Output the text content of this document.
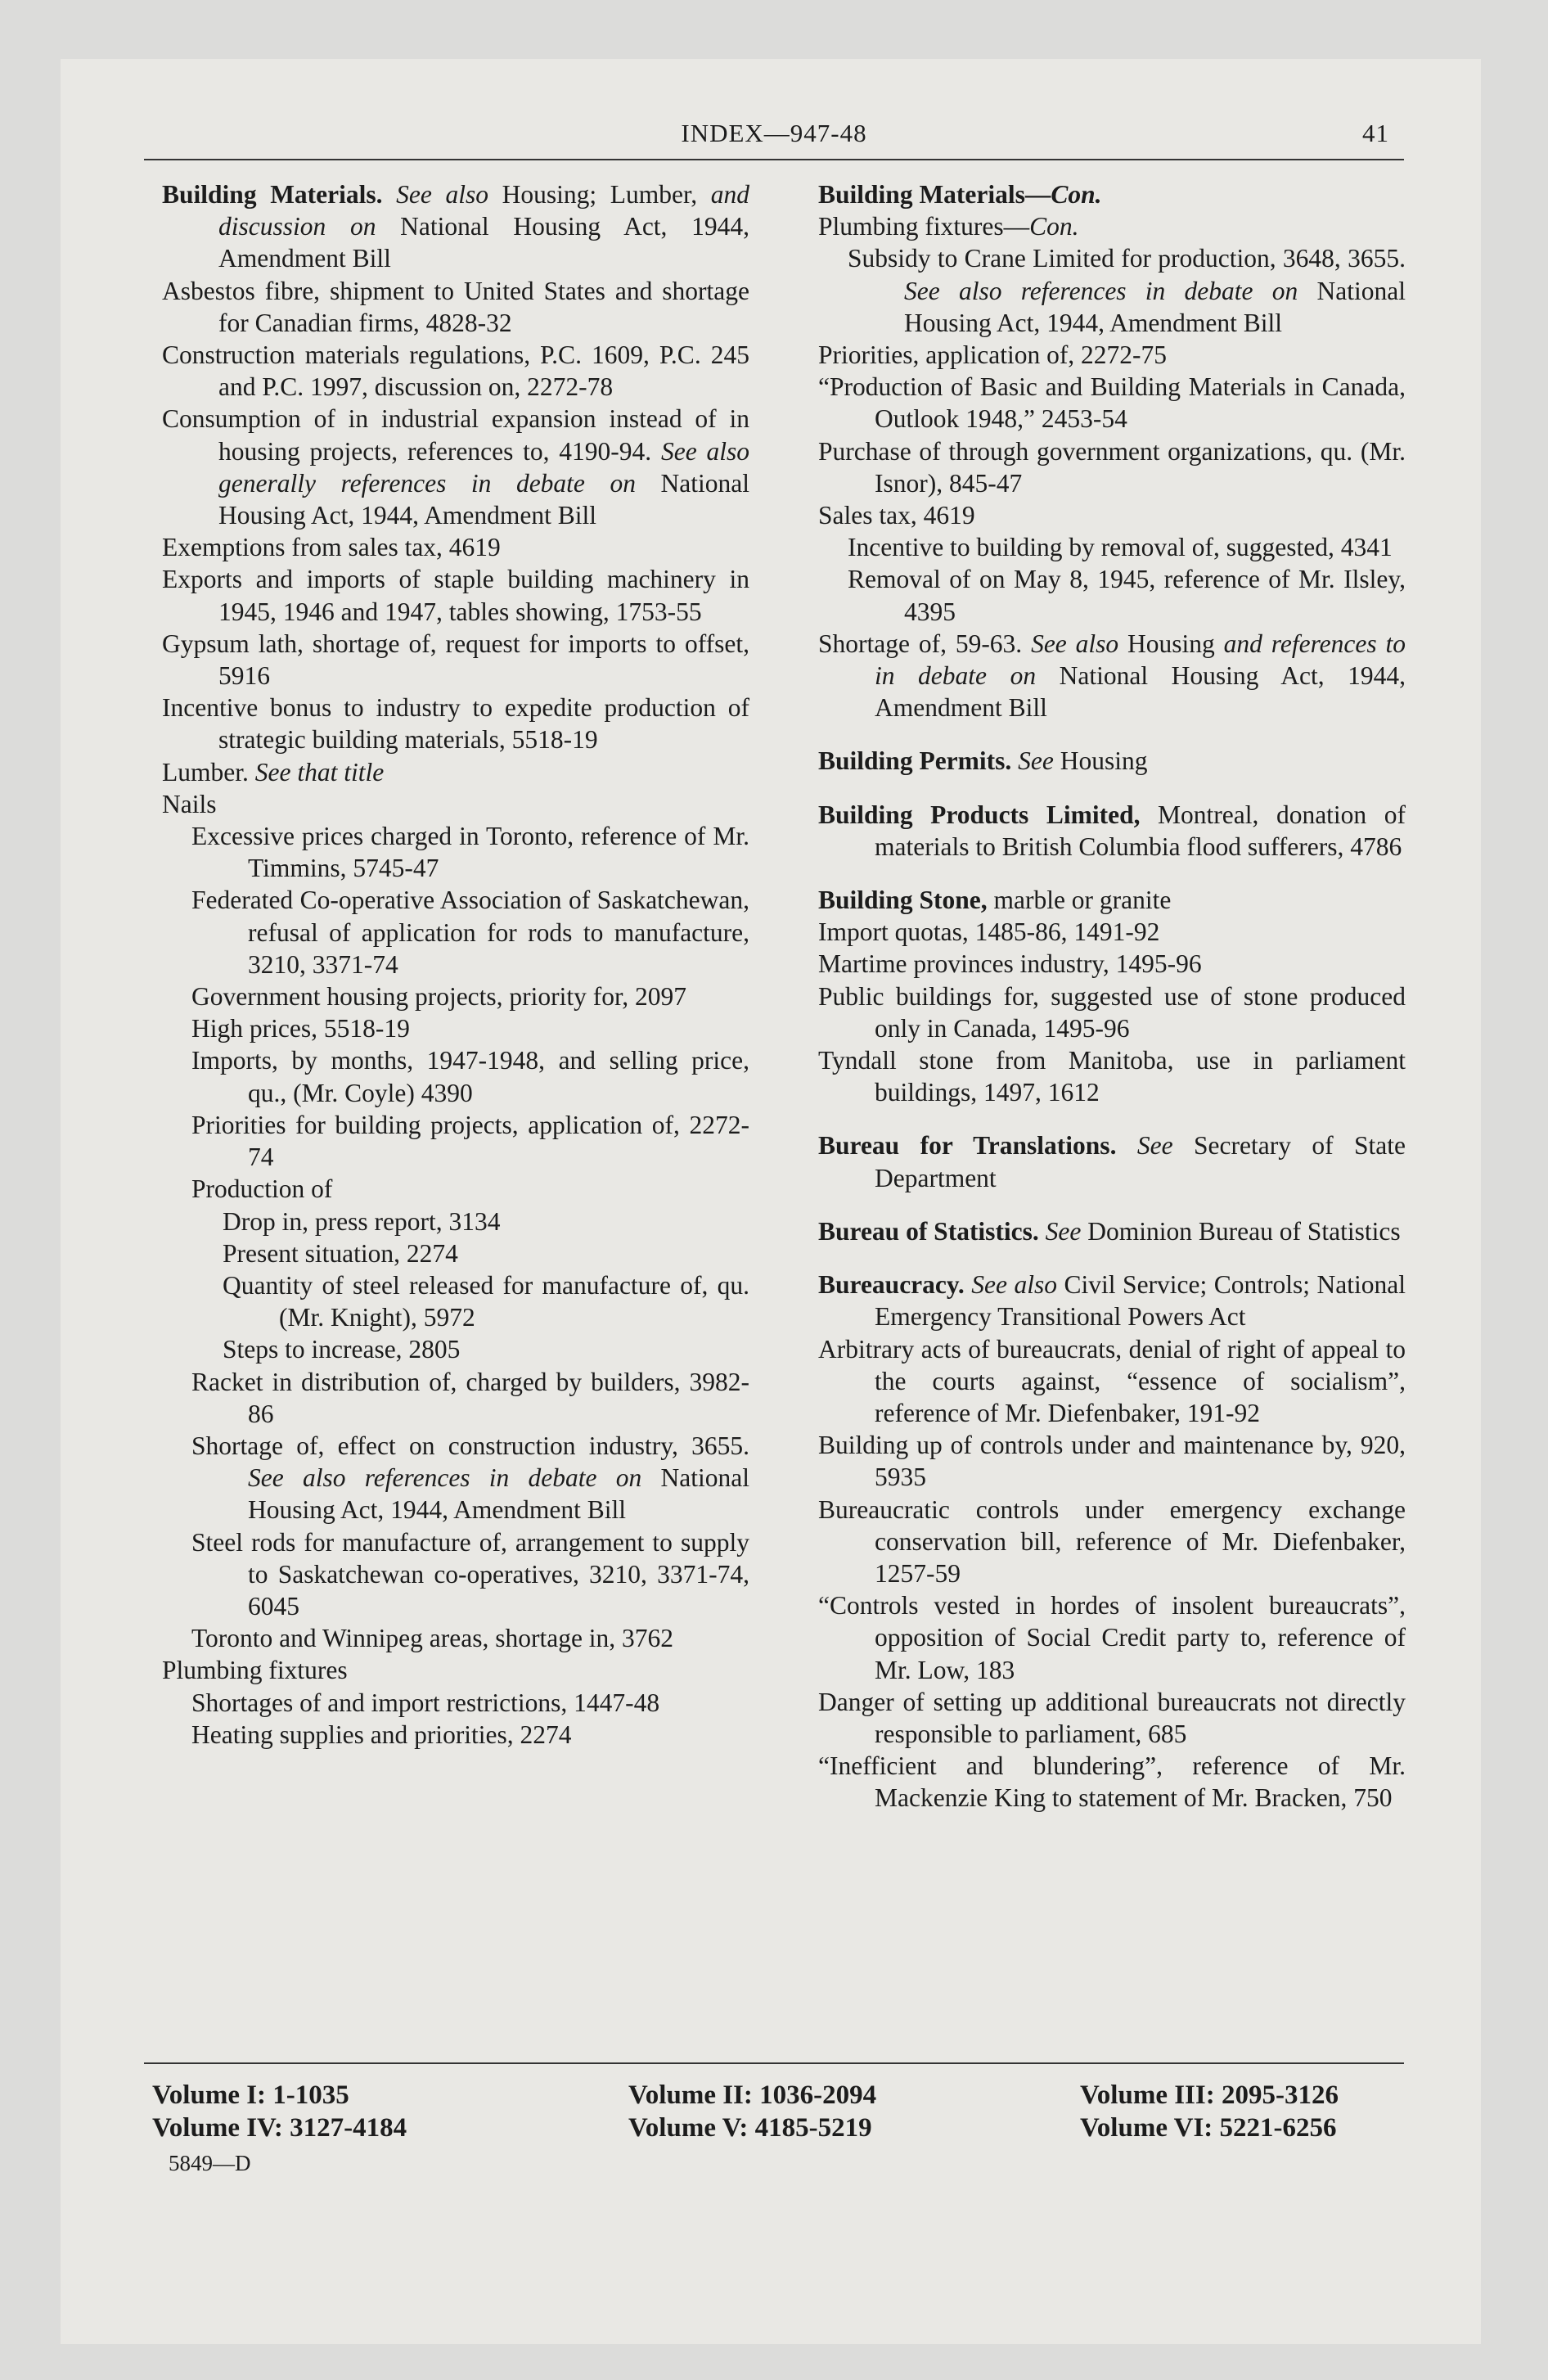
INDEX—947-48	41
Building Materials. See also Housing; Lumber, and discussion on National Housing Act, 1944, Amendment Bill
Asbestos fibre, shipment to United States and shortage for Canadian firms, 4828-32
Construction materials regulations, P.C. 1609, P.C. 245 and P.C. 1997, discussion on, 2272-78
Consumption of in industrial expansion instead of in housing projects, references to, 4190-94. See also generally references in debate on National Housing Act, 1944, Amendment Bill
Exemptions from sales tax, 4619
Exports and imports of staple building machinery in 1945, 1946 and 1947, tables showing, 1753-55
Gypsum lath, shortage of, request for imports to offset, 5916
Incentive bonus to industry to expedite production of strategic building materials, 5518-19
Lumber. See that title
Nails
Excessive prices charged in Toronto, reference of Mr. Timmins, 5745-47
Federated Co-operative Association of Saskatchewan, refusal of application for rods to manufacture, 3210, 3371-74
Government housing projects, priority for, 2097
High prices, 5518-19
Imports, by months, 1947-1948, and selling price, qu., (Mr. Coyle) 4390
Priorities for building projects, application of, 2272-74
Production of
Drop in, press report, 3134
Present situation, 2274
Quantity of steel released for manufacture of, qu. (Mr. Knight), 5972
Steps to increase, 2805
Racket in distribution of, charged by builders, 3982-86
Shortage of, effect on construction industry, 3655. See also references in debate on National Housing Act, 1944, Amendment Bill
Steel rods for manufacture of, arrangement to supply to Saskatchewan co-operatives, 3210, 3371-74, 6045
Toronto and Winnipeg areas, shortage in, 3762
Plumbing fixtures
Shortages of and import restrictions, 1447-48
Heating supplies and priorities, 2274
Building Materials—Con.
Plumbing fixtures—Con.
Subsidy to Crane Limited for production, 3648, 3655. See also references in debate on National Housing Act, 1944, Amendment Bill
Priorities, application of, 2272-75
“Production of Basic and Building Materials in Canada, Outlook 1948,” 2453-54
Purchase of through government organizations, qu. (Mr. Isnor), 845-47
Sales tax, 4619
Incentive to building by removal of, suggested, 4341
Removal of on May 8, 1945, reference of Mr. Ilsley, 4395
Shortage of, 59-63. See also Housing and references to in debate on National Housing Act, 1944, Amendment Bill
Building Permits. See Housing
Building Products Limited, Montreal, donation of materials to British Columbia flood sufferers, 4786
Building Stone, marble or granite
Import quotas, 1485-86, 1491-92
Martime provinces industry, 1495-96
Public buildings for, suggested use of stone produced only in Canada, 1495-96
Tyndall stone from Manitoba, use in parliament buildings, 1497, 1612
Bureau for Translations. See Secretary of State Department
Bureau of Statistics. See Dominion Bureau of Statistics
Bureaucracy. See also Civil Service; Controls; National Emergency Transitional Powers Act
Arbitrary acts of bureaucrats, denial of right of appeal to the courts against, “essence of socialism”, reference of Mr. Diefenbaker, 191-92
Building up of controls under and maintenance by, 920, 5935
Bureaucratic controls under emergency exchange conservation bill, reference of Mr. Diefenbaker, 1257-59
“Controls vested in hordes of insolent bureaucrats”, opposition of Social Credit party to, reference of Mr. Low, 183
Danger of setting up additional bureaucrats not directly responsible to parliament, 685
“Inefficient and blundering”, reference of Mr. Mackenzie King to statement of Mr. Bracken, 750
Volume I: 1-1035
Volume IV: 3127-4184
Volume II: 1036-2094
Volume V: 4185-5219
Volume III: 2095-3126
Volume VI: 5221-6256
5849—D
